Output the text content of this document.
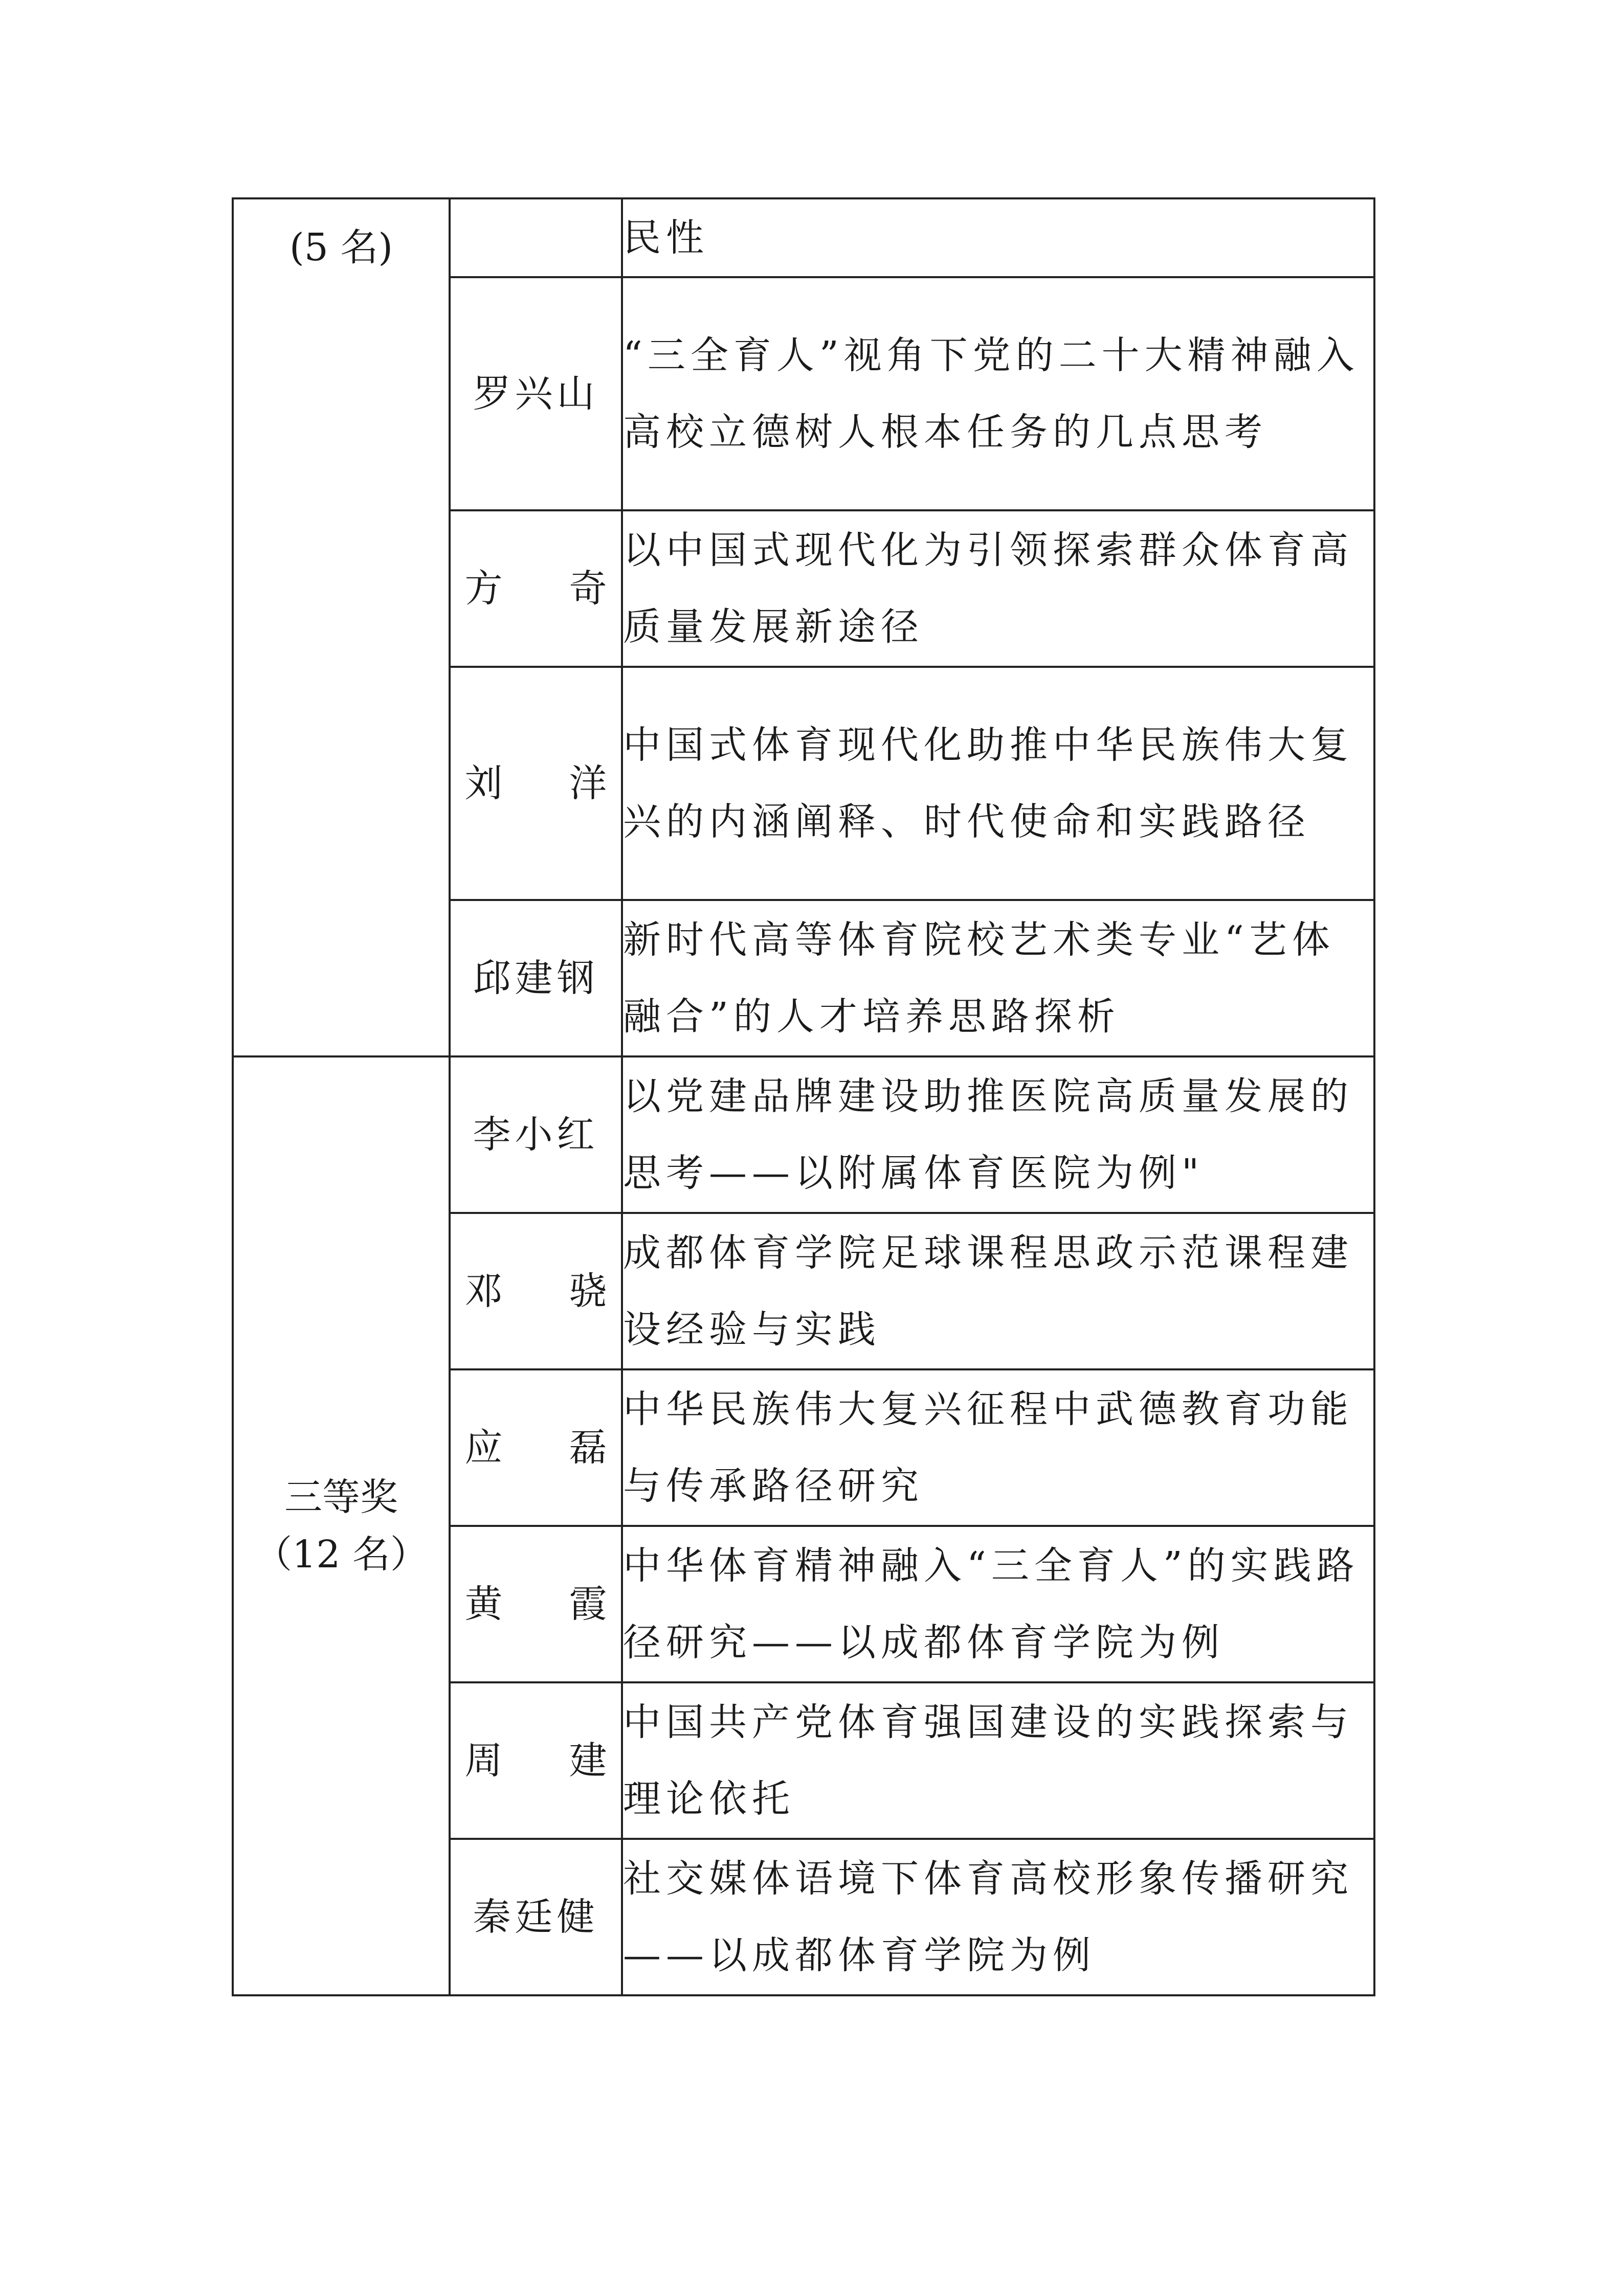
(5 名)		民性

	罗兴山	“三全育人”视角下党的二十大精神融入高校立德树人根本任务的几点思考

	方 奇	以中国式现代化为引领探索群众体育高质量发展新途径

	刘 洋	中国式体育现代化助推中华民族伟大复兴的内涵阐释、时代使命和实践路径

	邱建钢	新时代高等体育院校艺术类专业“艺体融合”的人才培养思路探析

三等奖
（12 名）	李小红	以党建品牌建设助推医院高质量发展的思考——以附属体育医院为例"

	邓 骁	成都体育学院足球课程思政示范课程建设经验与实践

	应 磊	中华民族伟大复兴征程中武德教育功能与传承路径研究

	黄 霞	中华体育精神融入“三全育人”的实践路径研究——以成都体育学院为例

	周 建	中国共产党体育强国建设的实践探索与理论依托

	秦廷健	社交媒体语境下体育高校形象传播研究——以成都体育学院为例
